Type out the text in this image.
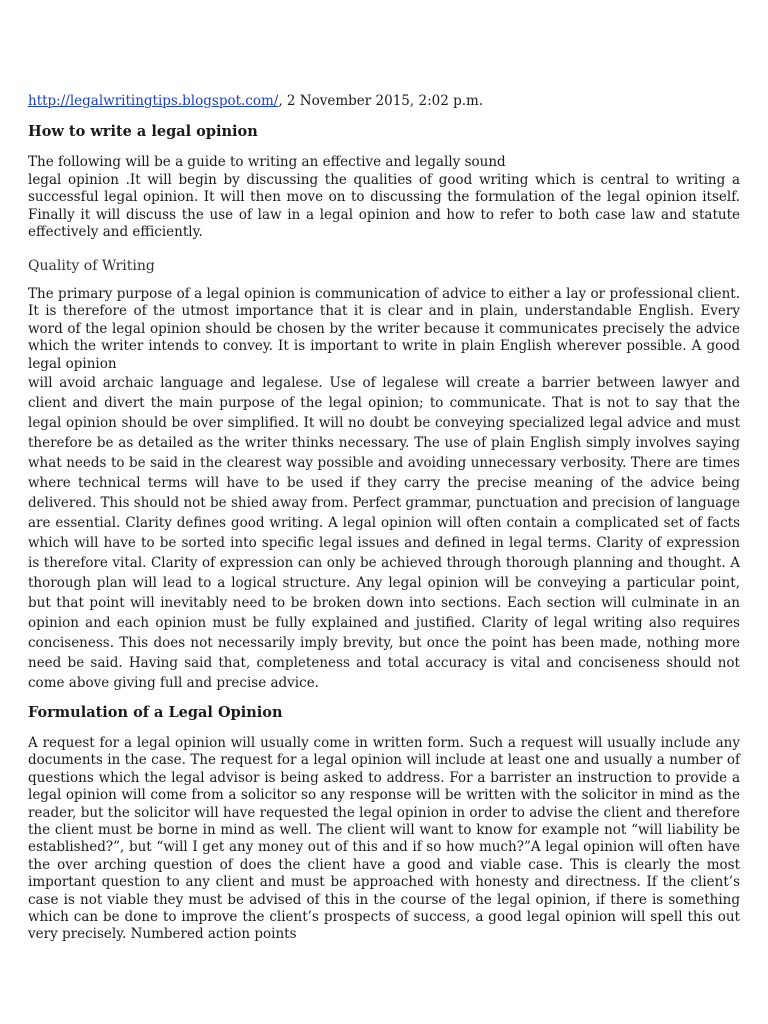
http://legalwritingtips.blogspot.com/, 2 November 2015, 2:02 p.m.

How to write a legal opinion

The following will be a guide to writing an effective and legally sound
legal opinion .It will begin by discussing the qualities of good writing which is central to writing a successful legal opinion. It will then move on to discussing the formulation of the legal opinion itself. Finally it will discuss the use of law in a legal opinion and how to refer to both case law and statute effectively and efficiently.

Quality of Writing

The primary purpose of a legal opinion is communication of advice to either a lay or professional client. It is therefore of the utmost importance that it is clear and in plain, understandable English. Every word of the legal opinion should be chosen by the writer because it communicates precisely the advice which the writer intends to convey. It is important to write in plain English wherever possible. A good legal opinion

will avoid archaic language and legalese. Use of legalese will create a barrier between lawyer and client and divert the main purpose of the legal opinion; to communicate. That is not to say that the legal opinion should be over simplified. It will no doubt be conveying specialized legal advice and must therefore be as detailed as the writer thinks necessary. The use of plain English simply involves saying what needs to be said in the clearest way possible and avoiding unnecessary verbosity. There are times where technical terms will have to be used if they carry the precise meaning of the advice being delivered. This should not be shied away from. Perfect grammar, punctuation and precision of language are essential. Clarity defines good writing. A legal opinion will often contain a complicated set of facts which will have to be sorted into specific legal issues and defined in legal terms. Clarity of expression is therefore vital. Clarity of expression can only be achieved through thorough planning and thought. A thorough plan will lead to a logical structure. Any legal opinion will be conveying a particular point, but that point will inevitably need to be broken down into sections. Each section will culminate in an opinion and each opinion must be fully explained and justified. Clarity of legal writing also requires conciseness. This does not necessarily imply brevity, but once the point has been made, nothing more need be said. Having said that, completeness and total accuracy is vital and conciseness should not come above giving full and precise advice.

Formulation of a Legal Opinion

A request for a legal opinion will usually come in written form. Such a request will usually include any documents in the case. The request for a legal opinion will include at least one and usually a number of questions which the legal advisor is being asked to address. For a barrister an instruction to provide a legal opinion will come from a solicitor so any response will be written with the solicitor in mind as the reader, but the solicitor will have requested the legal opinion in order to advise the client and therefore the client must be borne in mind as well. The client will want to know for example not “will liability be established?”, but “will I get any money out of this and if so how much?”A legal opinion will often have the over arching question of does the client have a good and viable case. This is clearly the most important question to any client and must be approached with honesty and directness. If the client’s case is not viable they must be advised of this in the course of the legal opinion, if there is something which can be done to improve the client’s prospects of success, a good legal opinion will spell this out very precisely. Numbered action points
